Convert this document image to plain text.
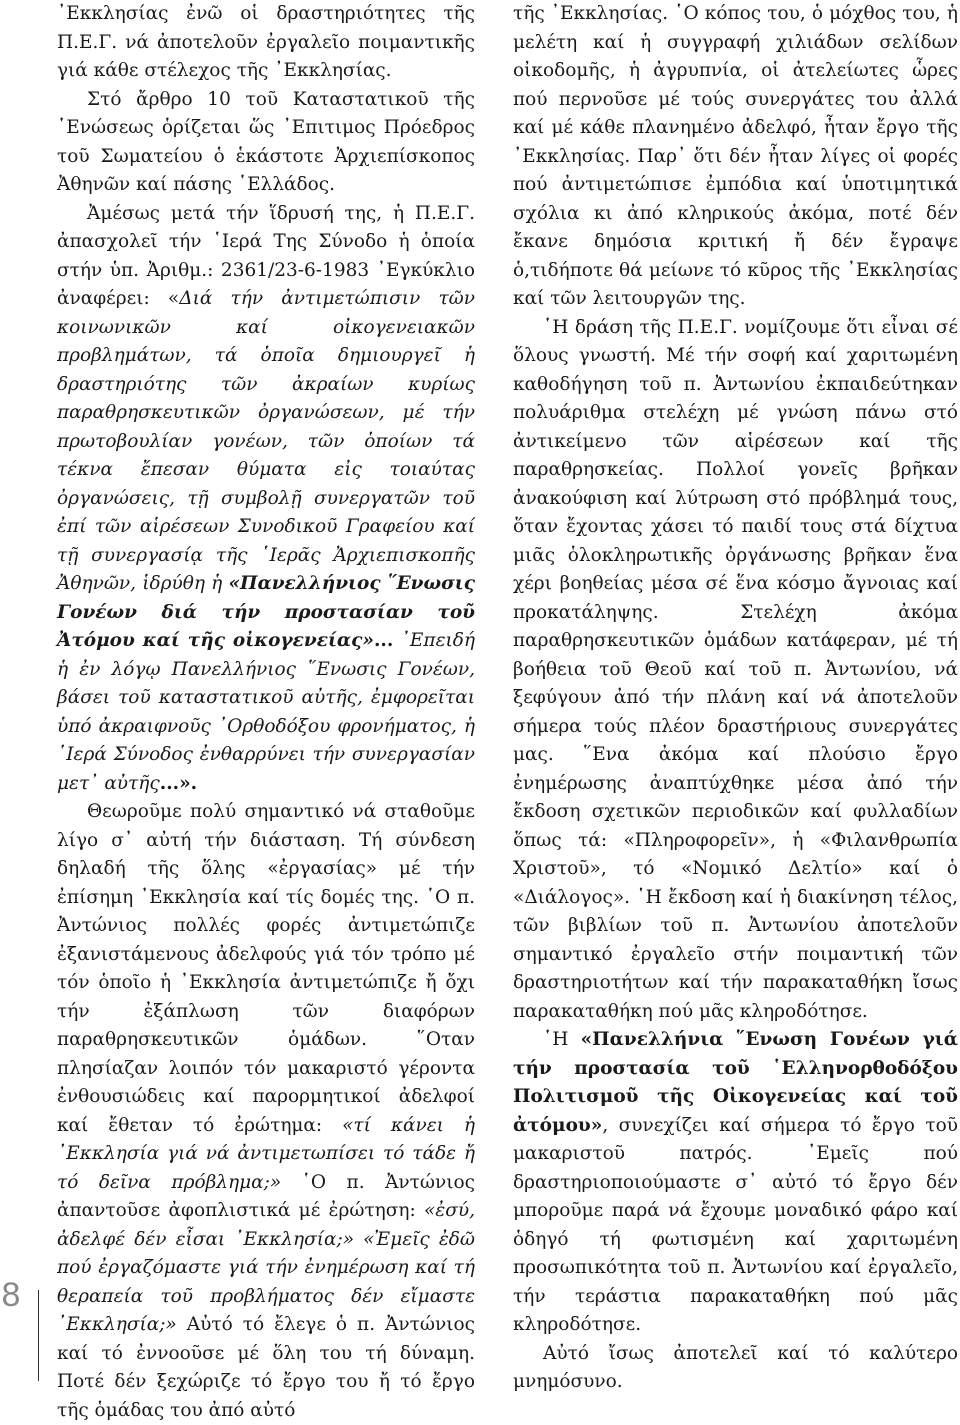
8

᾿Εκκλησίας ἐνῶ οἱ δραστηριότητες τῆς Π.Ε.Γ. νά ἀποτελοῦν ἐργαλεῖο ποιμαντικῆς γιά κάθε στέλεχος τῆς ᾿Εκκλησίας.

Στό ἄρθρο 10 τοῦ Καταστατικοῦ τῆς ῾Ενώσεως ὁρίζεται ὥς ᾿Επιτιμος Πρόεδρος τοῦ Σωματείου ὁ ἑκάστοτε Ἀρχιεπίσκοπος Ἀθηνῶν καί πάσης ῾Ελλάδος.

Ἀμέσως μετά τήν ἵδρυσή της, ἡ Π.Ε.Γ. ἀπασχολεῖ τήν ῾Ιερά Της Σύνοδο ἡ ὁποία στήν ὑπ. Ἀριθμ.: 2361/23-6-1983 ᾿Εγκύκλιο ἀναφέρει: «Διά τήν ἀντιμετώπισιν τῶν κοινωνικῶν καί οἰκογενειακῶν προβλημάτων, τά ὁποῖα δημιουργεῖ ἡ δραστηριότης τῶν ἀκραίων κυρίως παραθρησκευτικῶν ὀργανώσεων, μέ τήν πρωτοβουλίαν γονέων, τῶν ὁποίων τά τέκνα ἔπεσαν θύματα εἰς τοιαύτας ὀργανώσεις, τῇ συμβολῇ συνεργατῶν τοῦ ἐπί τῶν αἱρέσεων Συνοδικοῦ Γραφείου καί τῇ συνεργασίᾳ τῆς ῾Ιερᾶς Ἀρχιεπισκοπῆς Ἀθηνῶν, ἱδρύθη ἡ «Πανελλήνιος ῞Ενωσις Γονέων διά τήν προστασίαν τοῦ Ἀτόμου καί τῆς οἰκογενείας»... ᾿Επειδή ἡ ἐν λόγῳ Πανελλήνιος ῞Ενωσις Γονέων, βάσει τοῦ καταστατικοῦ αὐτῆς, ἐμφορεῖται ὑπό ἀκραιφνοῦς ᾿Ορθοδόξου φρονήματος, ἡ ῾Ιερά Σύνοδος ἐνθαρρύνει τήν συνεργασίαν μετ᾿ αὐτῆς...».

Θεωροῦμε πολύ σημαντικό νά σταθοῦμε λίγο σ᾿ αὐτή τήν διάσταση. Τή σύνδεση δηλαδή τῆς ὅλης «ἐργασίας» μέ τήν ἐπίσημη ᾿Εκκλησία καί τίς δομές της. ῾Ο π. Ἀντώνιος πολλές φορές ἀντιμετώπιζε ἐξανιστάμενους ἀδελφούς γιά τόν τρόπο μέ τόν ὁποῖο ἡ ᾿Εκκλησία ἀντιμετώπιζε ἤ ὄχι τήν ἐξάπλωση τῶν διαφόρων παραθρησκευτικῶν ὁμάδων. ῞Οταν πλησίαζαν λοιπόν τόν μακαριστό γέροντα ἐνθουσιώδεις καί παρορμητικοί ἀδελφοί καί ἔθεταν τό ἐρώτημα: «τί κάνει ἡ ᾿Εκκλησία γιά νά ἀντιμετωπίσει τό τάδε ἤ τό δεῖνα πρόβλημα;» ῾Ο π. Ἀντώνιος ἀπαντοῦσε ἀφοπλιστικά μέ ἐρώτηση: «ἐσύ, ἀδελφέ δέν εἶσαι ᾿Εκκλησία;» «Ἐμεῖς ἐδῶ πού ἐργαζόμαστε γιά τήν ἐνημέρωση καί τή θεραπεία τοῦ προβλήματος δέν εἴμαστε ᾿Εκκλησία;» Αὐτό τό ἔλεγε ὁ π. Ἀντώνιος καί τό ἐννοοῦσε μέ ὅλη του τή δύναμη. Ποτέ δέν ξεχώριζε τό ἔργο του ἤ τό ἔργο τῆς ὁμάδας του ἀπό αὐτό

τῆς ᾿Εκκλησίας. ῾Ο κόπος του, ὁ μόχθος του, ἡ μελέτη καί ἡ συγγραφή χιλιάδων σελίδων οἰκοδομῆς, ἡ ἀγρυπνία, οἱ ἀτελείωτες ὧρες πού περνοῦσε μέ τούς συνεργάτες του ἀλλά καί μέ κάθε πλανημένο ἀδελφό, ἦταν ἔργο τῆς ᾿Εκκλησίας. Παρ᾿ ὅτι δέν ἦταν λίγες οἱ φορές πού ἀντιμετώπισε ἐμπόδια καί ὑποτιμητικά σχόλια κι ἀπό κληρικούς ἀκόμα, ποτέ δέν ἔκανε δημόσια κριτική ἤ δέν ἔγραψε ὁ,τιδήποτε θά μείωνε τό κῦρος τῆς ᾿Εκκλησίας καί τῶν λειτουργῶν της.

῾Η δράση τῆς Π.Ε.Γ. νομίζουμε ὅτι εἶναι σέ ὅλους γνωστή. Μέ τήν σοφή καί χαριτωμένη καθοδήγηση τοῦ π. Ἀντωνίου ἐκπαιδεύτηκαν πολυάριθμα στελέχη μέ γνώση πάνω στό ἀντικείμενο τῶν αἱρέσεων καί τῆς παραθρησκείας. Πολλοί γονεῖς βρῆκαν ἀνακούφιση καί λύτρωση στό πρόβλημά τους, ὅταν ἔχοντας χάσει τό παιδί τους στά δίχτυα μιᾶς ὁλοκληρωτικῆς ὀργάνωσης βρῆκαν ἕνα χέρι βοηθείας μέσα σέ ἕνα κόσμο ἄγνοιας καί προκατάληψης. Στελέχη ἀκόμα παραθρησκευτικῶν ὁμάδων κατάφεραν, μέ τή βοήθεια τοῦ Θεοῦ καί τοῦ π. Ἀντωνίου, νά ξεφύγουν ἀπό τήν πλάνη καί νά ἀποτελοῦν σήμερα τούς πλέον δραστήριους συνεργάτες μας. ῞Ενα ἀκόμα καί πλούσιο ἔργο ἐνημέρωσης ἀναπτύχθηκε μέσα ἀπό τήν ἔκδοση σχετικῶν περιοδικῶν καί φυλλαδίων ὅπως τά: «Πληροφορεῖν», ἡ «Φιλανθρωπία Χριστοῦ», τό «Νομικό Δελτίο» καί ὁ «Διάλογος». ῾Η ἔκδοση καί ἡ διακίνηση τέλος, τῶν βιβλίων τοῦ π. Ἀντωνίου ἀποτελοῦν σημαντικό ἐργαλεῖο στήν ποιμαντική τῶν δραστηριοτήτων καί τήν παρακαταθήκη ἴσως παρακαταθήκη πού μᾶς κληροδότησε.

῾Η «Πανελλήνια ῞Ενωση Γονέων γιά τήν προστασία τοῦ ῾Ελληνορθοδόξου Πολιτισμοῦ τῆς Οἰκογενείας καί τοῦ ἀτόμου», συνεχίζει καί σήμερα τό ἔργο τοῦ μακαριστοῦ πατρός. ᾿Εμεῖς πού δραστηριοποιούμαστε σ᾿ αὐτό τό ἔργο δέν μποροῦμε παρά νά ἔχουμε μοναδικό φάρο καί ὁδηγό τή φωτισμένη καί χαριτωμένη προσωπικότητα τοῦ π. Ἀντωνίου καί ἐργαλεῖο, τήν τεράστια παρακαταθήκη πού μᾶς κληροδότησε.

Αὐτό ἴσως ἀποτελεῖ καί τό καλύτερο μνημόσυνο.
